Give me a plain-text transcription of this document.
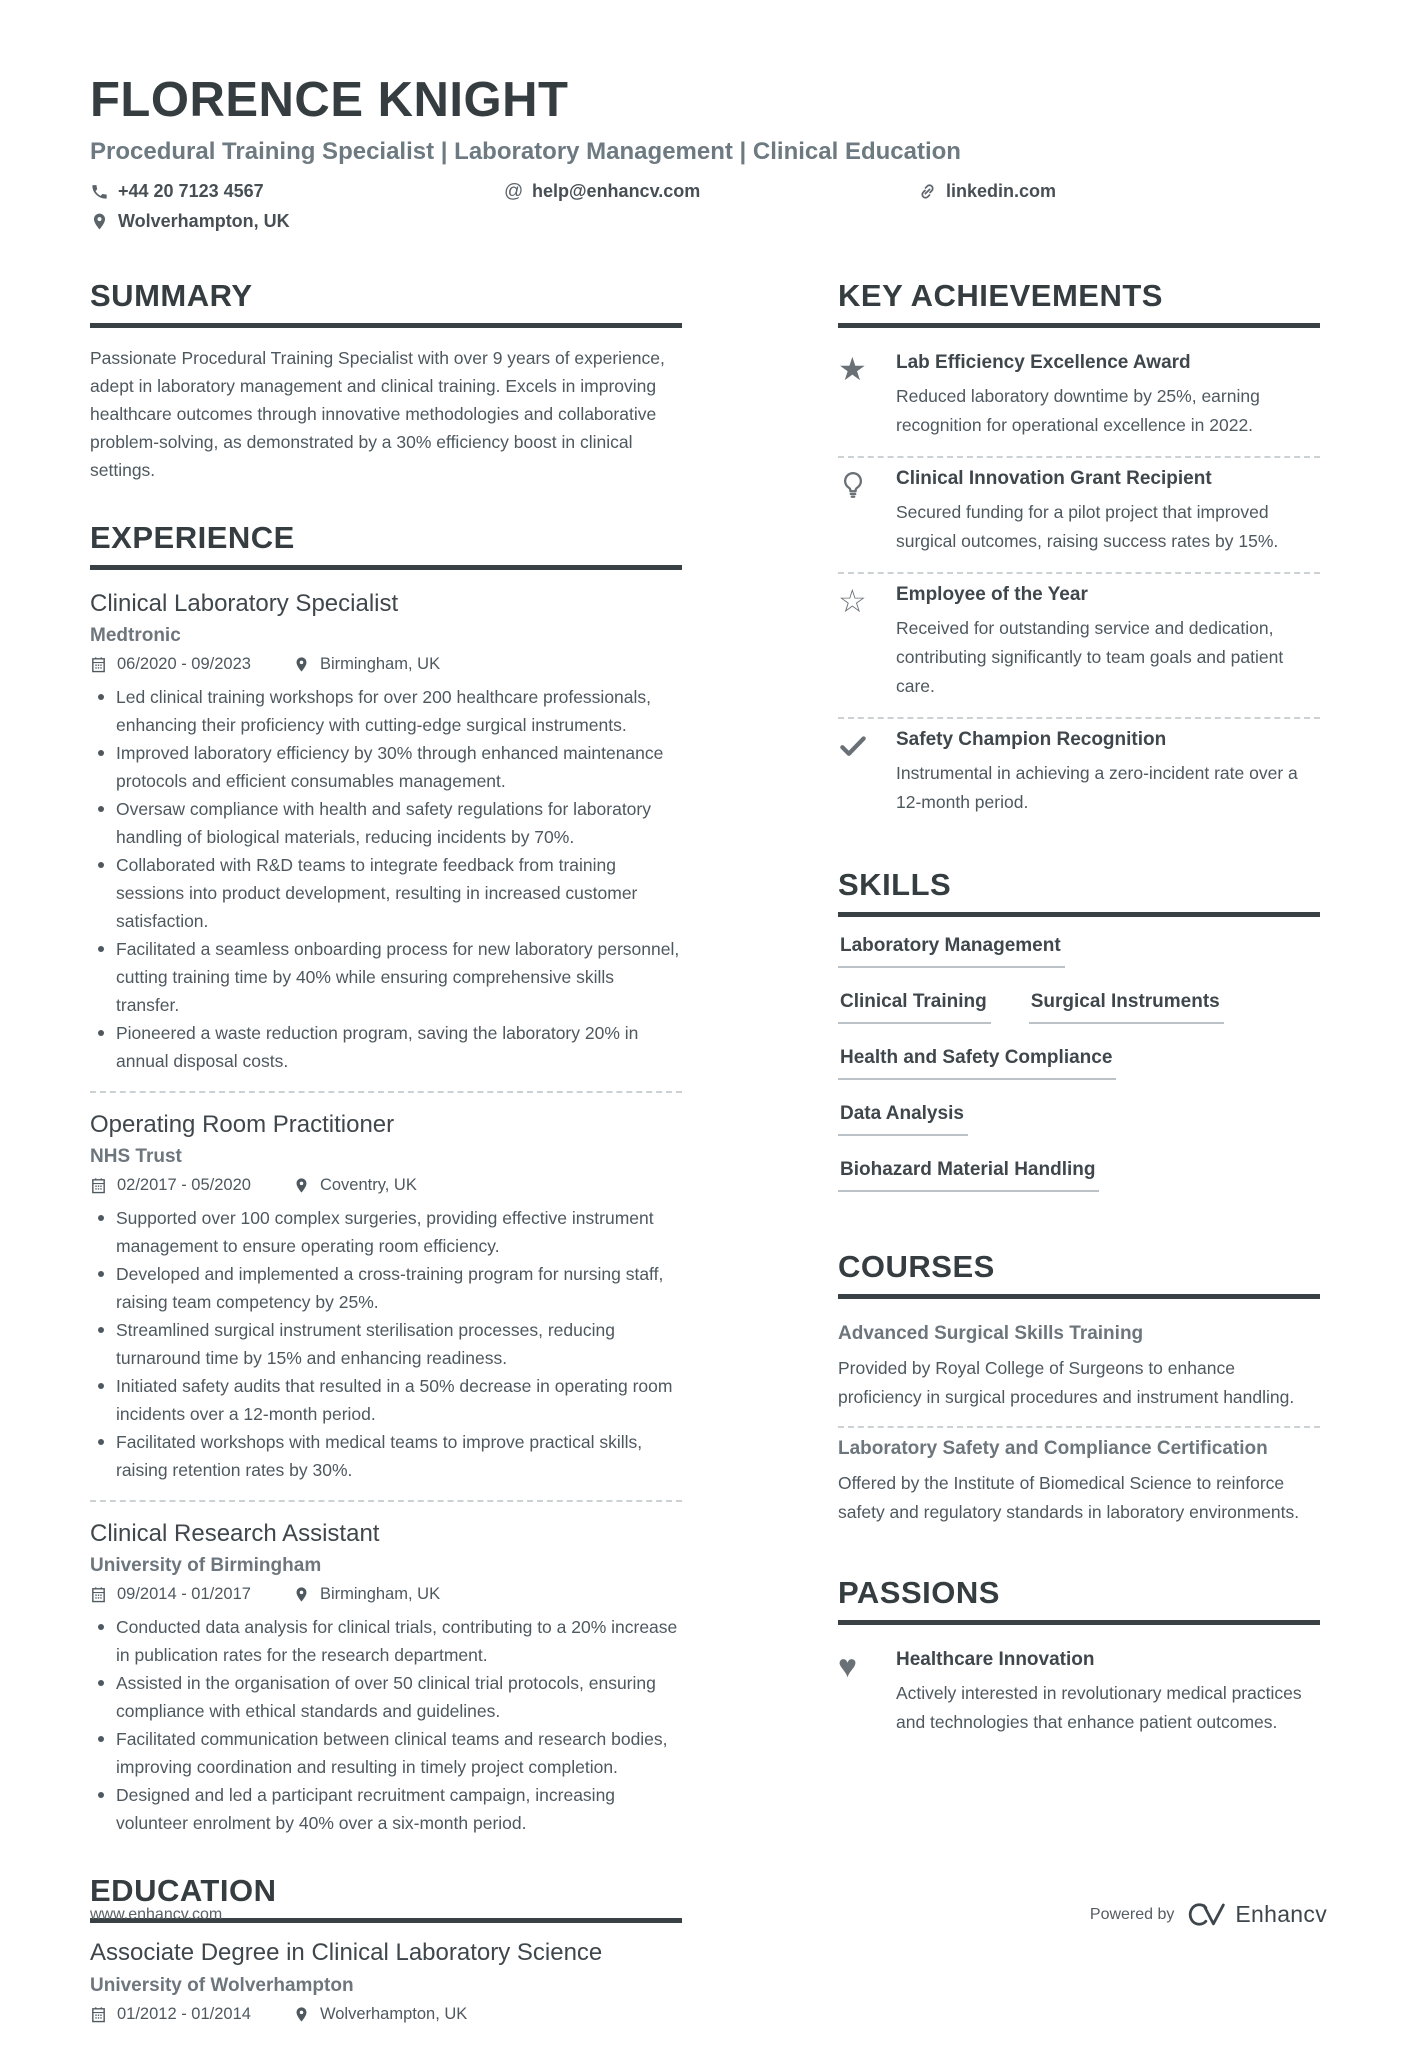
FLORENCE KNIGHT
Procedural Training Specialist | Laboratory Management | Clinical Education
+44 20 7123 4567	@ help@enhancv.com	linkedin.com
Wolverhampton, UK
SUMMARY
Passionate Procedural Training Specialist with over 9 years of experience, adept in laboratory management and clinical training. Excels in improving healthcare outcomes through innovative methodologies and collaborative problem-solving, as demonstrated by a 30% efficiency boost in clinical settings.
EXPERIENCE
Clinical Laboratory Specialist
Medtronic
06/2020 - 09/2023	Birmingham, UK
Led clinical training workshops for over 200 healthcare professionals, enhancing their proficiency with cutting-edge surgical instruments.
Improved laboratory efficiency by 30% through enhanced maintenance protocols and efficient consumables management.
Oversaw compliance with health and safety regulations for laboratory handling of biological materials, reducing incidents by 70%.
Collaborated with R&D teams to integrate feedback from training sessions into product development, resulting in increased customer satisfaction.
Facilitated a seamless onboarding process for new laboratory personnel, cutting training time by 40% while ensuring comprehensive skills transfer.
Pioneered a waste reduction program, saving the laboratory 20% in annual disposal costs.
Operating Room Practitioner
NHS Trust
02/2017 - 05/2020	Coventry, UK
Supported over 100 complex surgeries, providing effective instrument management to ensure operating room efficiency.
Developed and implemented a cross-training program for nursing staff, raising team competency by 25%.
Streamlined surgical instrument sterilisation processes, reducing turnaround time by 15% and enhancing readiness.
Initiated safety audits that resulted in a 50% decrease in operating room incidents over a 12-month period.
Facilitated workshops with medical teams to improve practical skills, raising retention rates by 30%.
Clinical Research Assistant
University of Birmingham
09/2014 - 01/2017	Birmingham, UK
Conducted data analysis for clinical trials, contributing to a 20% increase in publication rates for the research department.
Assisted in the organisation of over 50 clinical trial protocols, ensuring compliance with ethical standards and guidelines.
Facilitated communication between clinical teams and research bodies, improving coordination and resulting in timely project completion.
Designed and led a participant recruitment campaign, increasing volunteer enrolment by 40% over a six-month period.
EDUCATION
Associate Degree in Clinical Laboratory Science
University of Wolverhampton
01/2012 - 01/2014	Wolverhampton, UK
KEY ACHIEVEMENTS
★	Lab Efficiency Excellence Award
Reduced laboratory downtime by 25%, earning recognition for operational excellence in 2022.
Clinical Innovation Grant Recipient
Secured funding for a pilot project that improved surgical outcomes, raising success rates by 15%.
☆	Employee of the Year
Received for outstanding service and dedication, contributing significantly to team goals and patient care.
Safety Champion Recognition
Instrumental in achieving a zero-incident rate over a 12-month period.
SKILLS
Laboratory Management
Clinical Training Surgical Instruments
Health and Safety Compliance
Data Analysis
Biohazard Material Handling
COURSES
Advanced Surgical Skills Training
Provided by Royal College of Surgeons to enhance proficiency in surgical procedures and instrument handling.
Laboratory Safety and Compliance Certification
Offered by the Institute of Biomedical Science to reinforce safety and regulatory standards in laboratory environments.
PASSIONS
♥	Healthcare Innovation
Actively interested in revolutionary medical practices and technologies that enhance patient outcomes.
www.enhancv.com	Powered by	Enhancv
